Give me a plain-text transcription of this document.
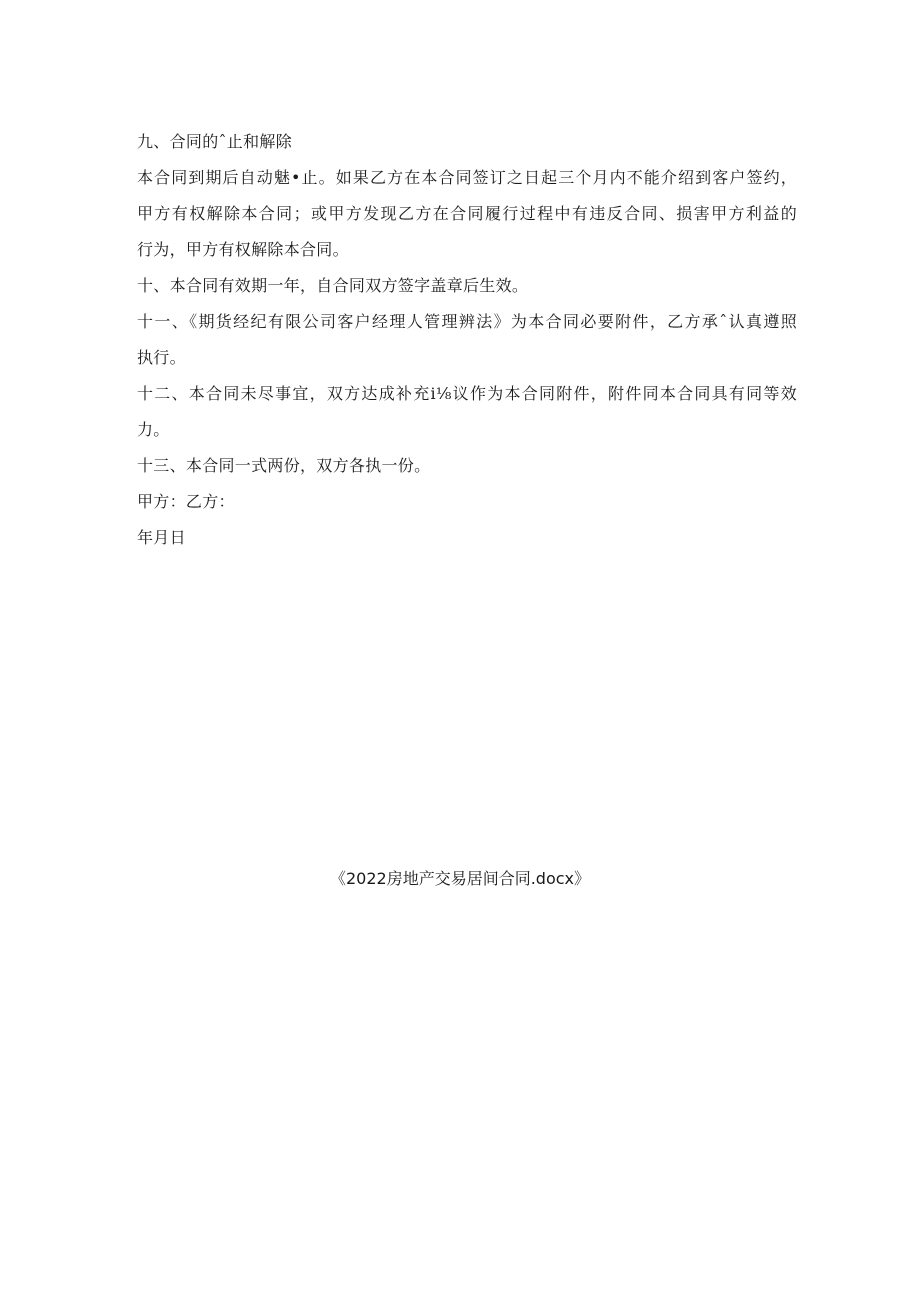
九、合同的ˆ止和解除
本合同到期后自动魅•止。如果乙方在本合同签订之日起三个月内不能介绍到客户签约，
甲方有权解除本合同；或甲方发现乙方在合同履行过程中有违反合同、损害甲方利益的
行为，甲方有权解除本合同。
十、本合同有效期一年，自合同双方签字盖章后生效。
十一、《期货经纪有限公司客户经理人管理辨法》为本合同必要附件，乙方承ˆ认真遵照
执行。
十二、本合同未尽事宜，双方达成补充i⅛议作为本合同附件，附件同本合同具有同等效
力。
十三、本合同一式两份，双方各执一份。
甲方：乙方：
年月日
《2022房地产交易居间合同.docx》
